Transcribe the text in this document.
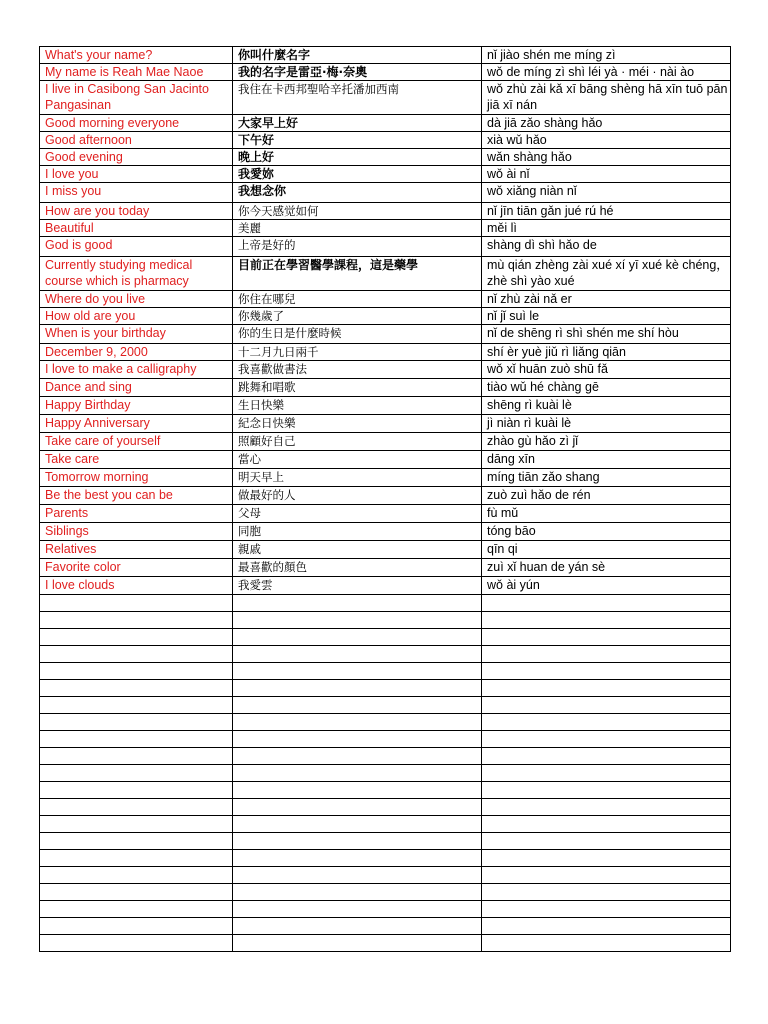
What's your name?	你叫什麼名字	nǐ jiào shén me míng zì
My name is Reah Mae Naoe	我的名字是雷亞·梅·奈奧	wǒ de míng zì shì léi yà · méi · nài ào
I live in Casibong San Jacinto Pangasinan	我住在卡西邦聖哈辛托潘加西南	wǒ zhù zài kǎ xī bāng shèng hā xīn tuō pān jiā xī nán
Good morning everyone	大家早上好	dà jiā zǎo shàng hǎo
Good afternoon	下午好	xià wǔ hǎo
Good evening	晚上好	wǎn shàng hǎo
I love you	我愛妳	wǒ ài nǐ
I miss you	我想念你	wǒ xiǎng niàn nǐ
How are you today	你今天感觉如何	nǐ jīn tiān gǎn jué rú hé
Beautiful	美麗	měi lì
God is good	上帝是好的	shàng dì shì hǎo de
Currently studying medical course which is pharmacy	目前正在學習醫學課程，這是藥學	mù qián zhèng zài xué xí yī xué kè chéng， zhè shì yào xué
Where do you live	你住在哪兒	nǐ zhù zài nǎ er
How old are you	你幾歲了	nǐ jǐ suì le
When is your birthday	你的生日是什麼時候	nǐ de shēng rì shì shén me shí hòu
December 9, 2000	十二月九日兩千	shí èr yuè jiǔ rì liǎng qiān
I love to make a calligraphy	我喜歡做書法	wǒ xǐ huān zuò shū fǎ
Dance and sing	跳舞和唱歌	tiào wǔ hé chàng gē
Happy Birthday	生日快樂	shēng rì kuài lè
Happy Anniversary	紀念日快樂	jì niàn rì kuài lè
Take care of yourself	照顧好自己	zhào gù hǎo zì jǐ
Take care	當心	dāng xīn
Tomorrow morning	明天早上	míng tiān zǎo shang
Be the best you can be	做最好的人	zuò zuì hǎo de rén
Parents	父母	fù mǔ
Siblings	同胞	tóng bāo
Relatives	親戚	qīn qi
Favorite color	最喜歡的顏色	zuì xǐ huan de yán sè
I love clouds	我愛雲	wǒ ài yún
